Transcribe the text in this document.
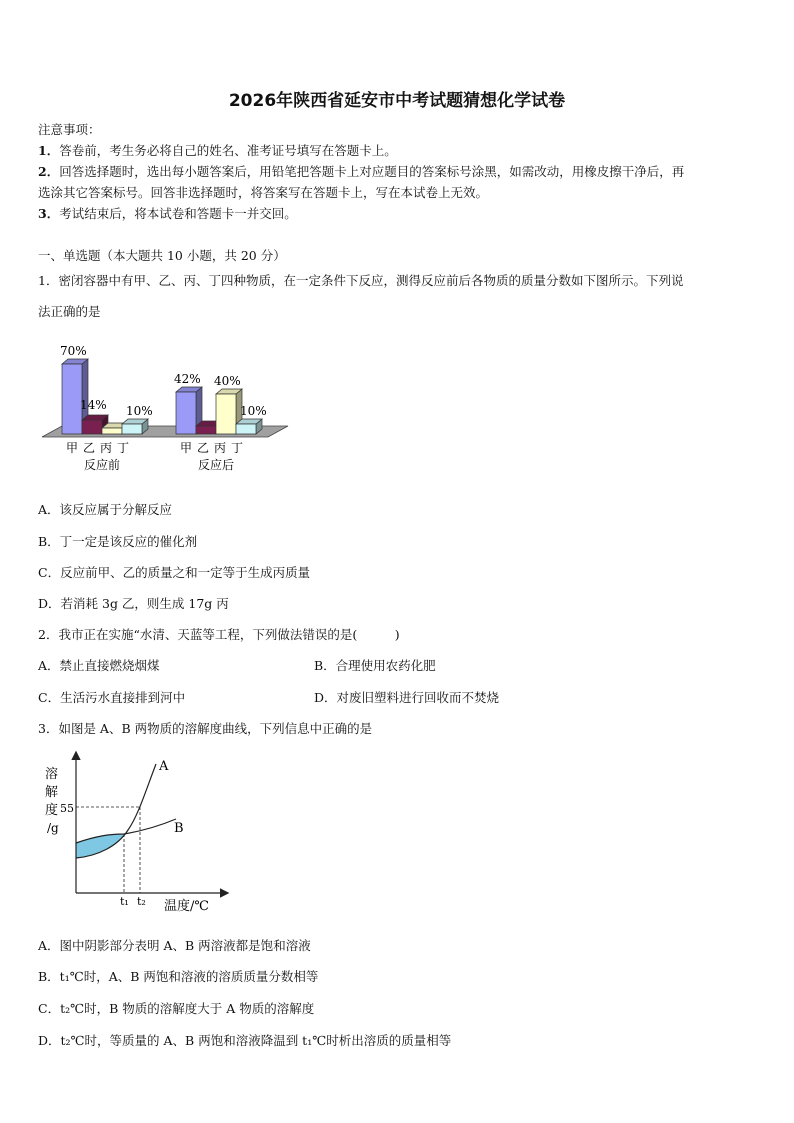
2026年陕西省延安市中考试题猜想化学试卷
注意事项：
1．答卷前，考生务必将自己的姓名、准考证号填写在答题卡上。
2．回答选择题时，选出每小题答案后，用铅笔把答题卡上对应题目的答案标号涂黑，如需改动，用橡皮擦干净后，再
选涂其它答案标号。回答非选择题时，将答案写在答题卡上，写在本试卷上无效。
3．考试结束后，将本试卷和答题卡一并交回。
一、单选题（本大题共 10 小题，共 20 分）
1．密闭容器中有甲、乙、丙、丁四种物质，在一定条件下反应，测得反应前后各物质的质量分数如下图所示。下列说
法正确的是
70%
14% 10%
42% 40%
10%
甲 乙 丙 丁
反应前
甲 乙 丙 丁
反应后
A．该反应属于分解反应
B．丁一定是该反应的催化剂
C．反应前甲、乙的质量之和一定等于生成丙质量
D．若消耗 3g 乙，则生成 17g 丙
2．我市正在实施“水清、天蓝等工程，下列做法错误的是(　　　)
A．禁止直接燃烧烟煤	B．合理使用农药化肥
C．生活污水直接排到河中	D．对废旧塑料进行回收而不焚烧
3．如图是 A、B 两物质的溶解度曲线，下列信息中正确的是
溶
解
度
/g
55
t₁ t₂
A
B
温度/℃
A．图中阴影部分表明 A、B 两溶液都是饱和溶液
B．t₁℃时，A、B 两饱和溶液的溶质质量分数相等
C．t₂℃时，B 物质的溶解度大于 A 物质的溶解度
D．t₂℃时，等质量的 A、B 两饱和溶液降温到 t₁℃时析出溶质的质量相等
